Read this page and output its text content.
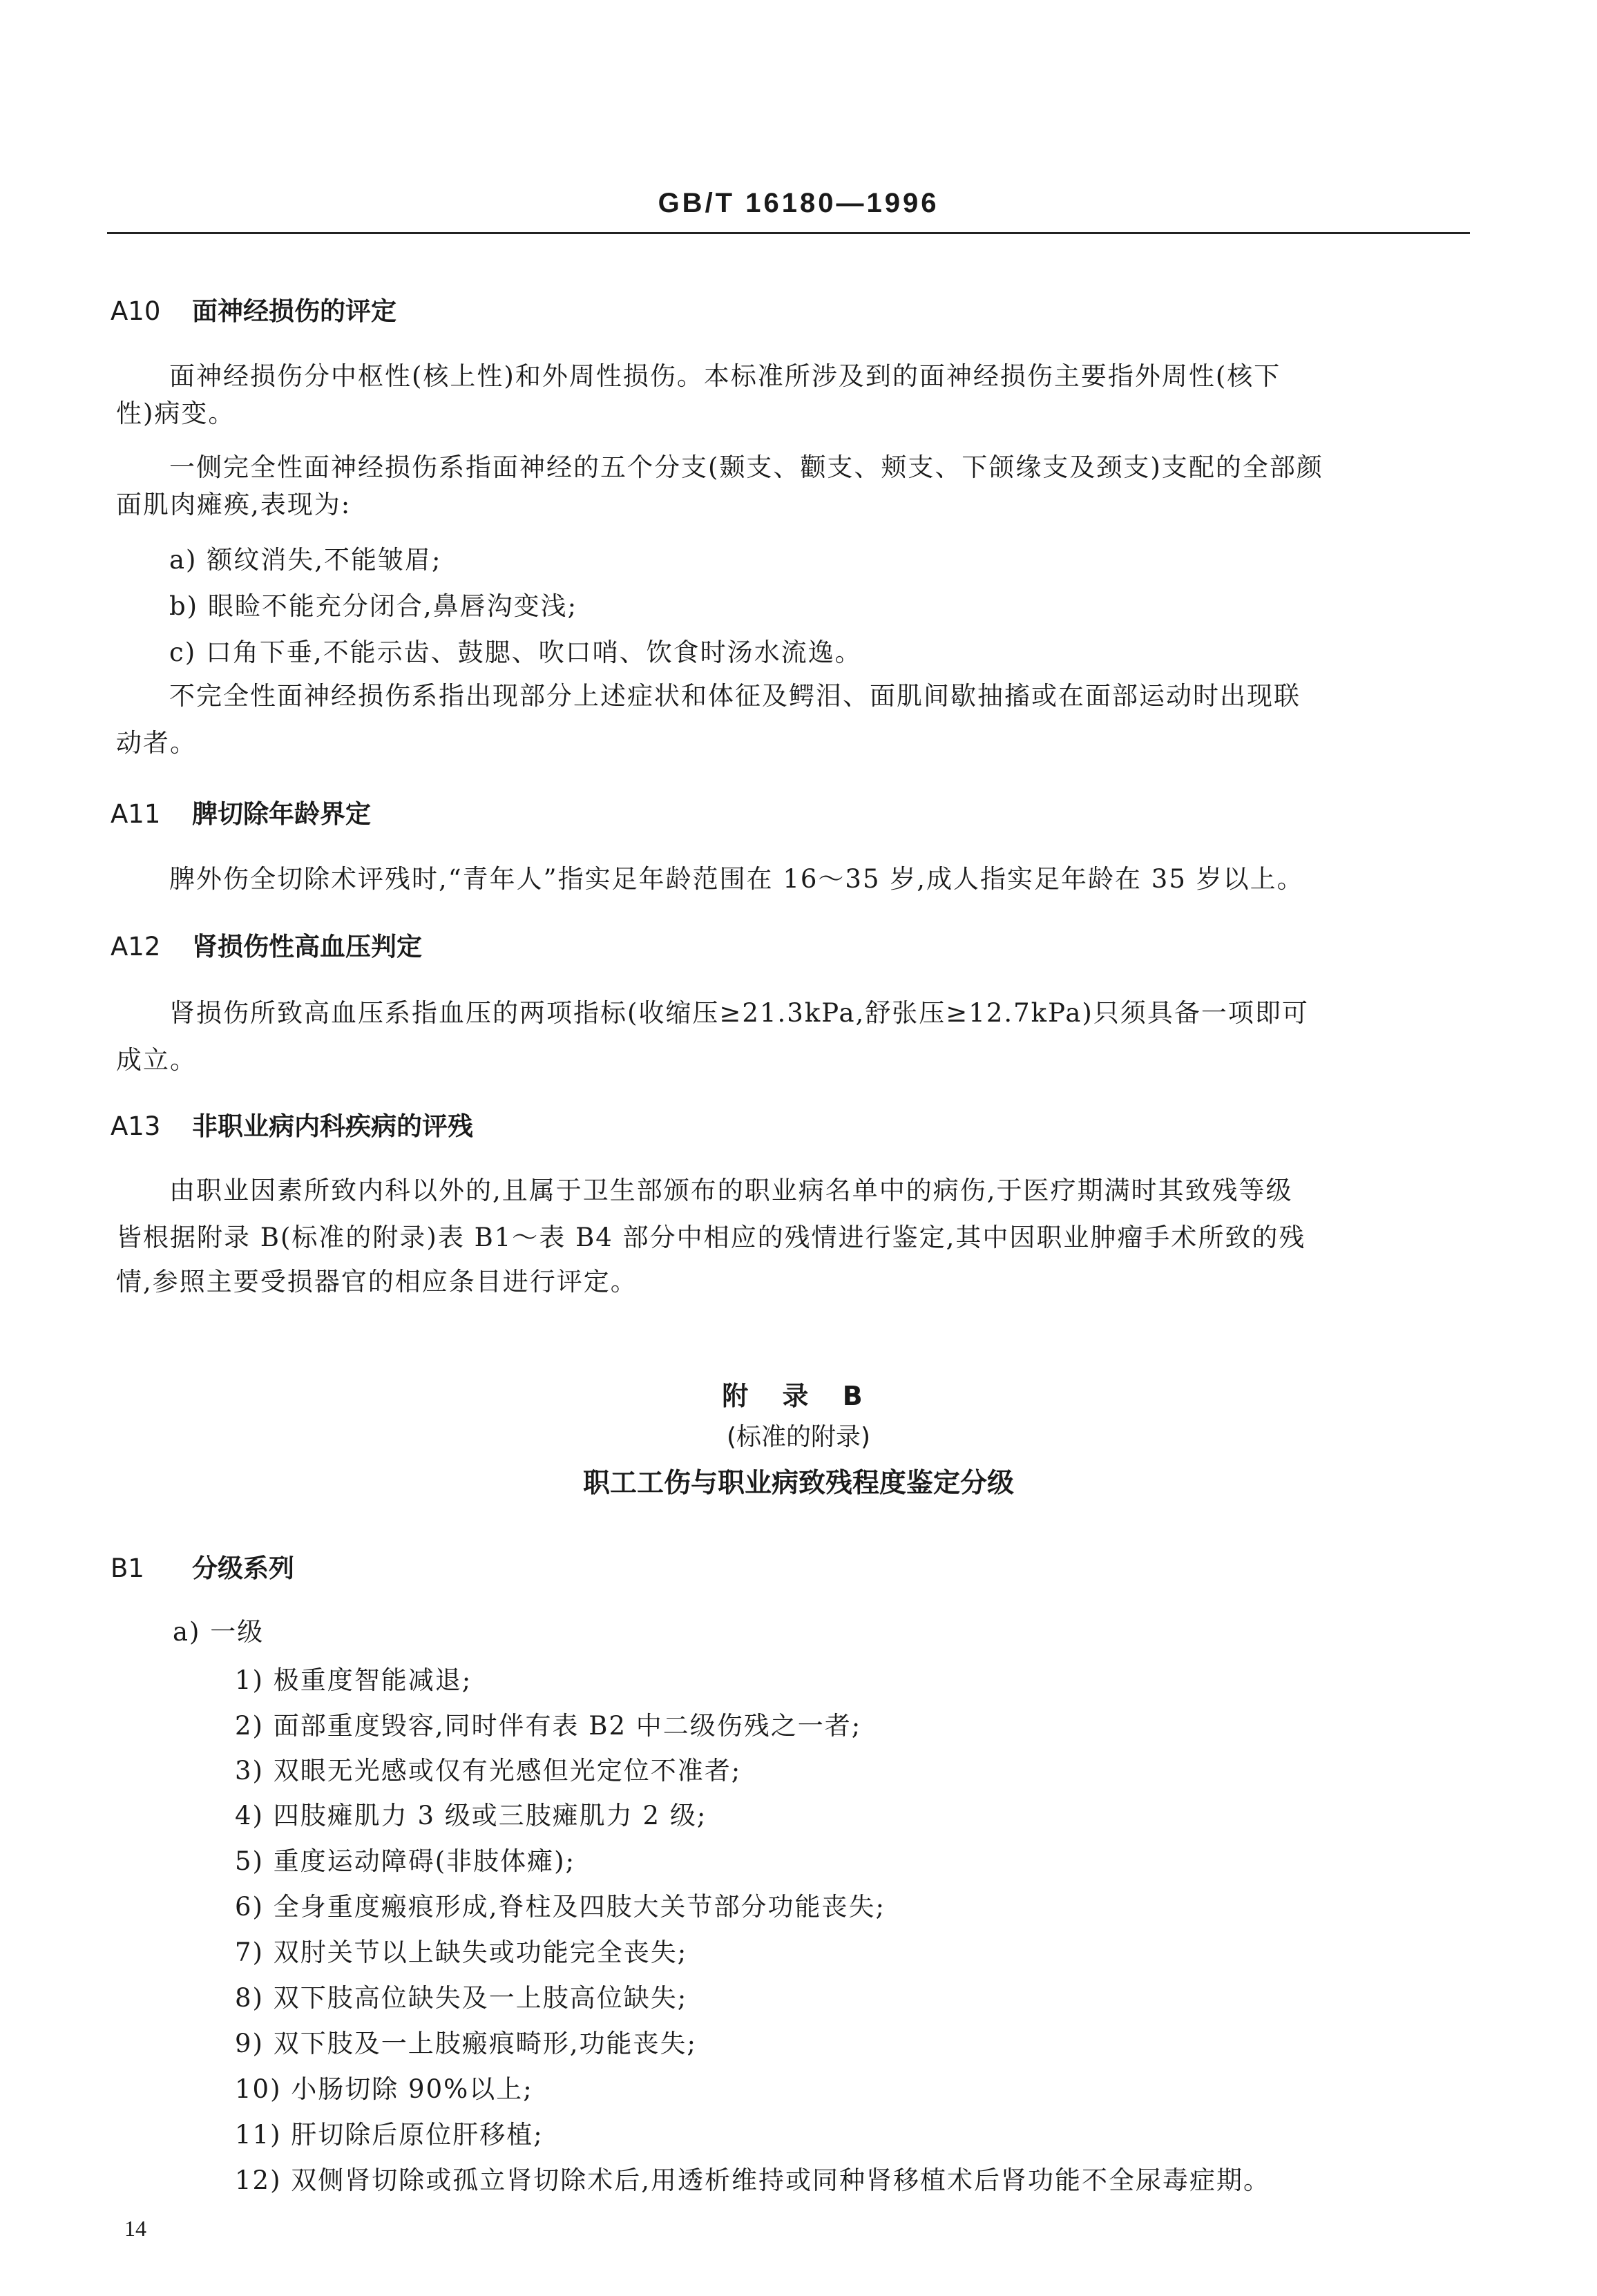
GB/T 16180—1996
A10 面神经损伤的评定
面神经损伤分中枢性(核上性)和外周性损伤。本标准所涉及到的面神经损伤主要指外周性(核下
性)病变。
一侧完全性面神经损伤系指面神经的五个分支(颞支、颧支、颊支、下颌缘支及颈支)支配的全部颜
面肌肉瘫痪,表现为:
a) 额纹消失,不能皱眉;
b) 眼睑不能充分闭合,鼻唇沟变浅;
c) 口角下垂,不能示齿、鼓腮、吹口哨、饮食时汤水流逸。
不完全性面神经损伤系指出现部分上述症状和体征及鳄泪、面肌间歇抽搐或在面部运动时出现联
动者。
A11 脾切除年龄界定
脾外伤全切除术评残时,“青年人”指实足年龄范围在 16～35 岁,成人指实足年龄在 35 岁以上。
A12 肾损伤性高血压判定
肾损伤所致高血压系指血压的两项指标(收缩压≥21.3kPa,舒张压≥12.7kPa)只须具备一项即可
成立。
A13 非职业病内科疾病的评残
由职业因素所致内科以外的,且属于卫生部颁布的职业病名单中的病伤,于医疗期满时其致残等级
皆根据附录 B(标准的附录)表 B1～表 B4 部分中相应的残情进行鉴定,其中因职业肿瘤手术所致的残
情,参照主要受损器官的相应条目进行评定。
附 录 B
(标准的附录)
职工工伤与职业病致残程度鉴定分级
B1 分级系列
a) 一级
1) 极重度智能减退;
2) 面部重度毁容,同时伴有表 B2 中二级伤残之一者;
3) 双眼无光感或仅有光感但光定位不准者;
4) 四肢瘫肌力 3 级或三肢瘫肌力 2 级;
5) 重度运动障碍(非肢体瘫);
6) 全身重度瘢痕形成,脊柱及四肢大关节部分功能丧失;
7) 双肘关节以上缺失或功能完全丧失;
8) 双下肢高位缺失及一上肢高位缺失;
9) 双下肢及一上肢瘢痕畸形,功能丧失;
10) 小肠切除 90%以上;
11) 肝切除后原位肝移植;
12) 双侧肾切除或孤立肾切除术后,用透析维持或同种肾移植术后肾功能不全尿毒症期。
14
